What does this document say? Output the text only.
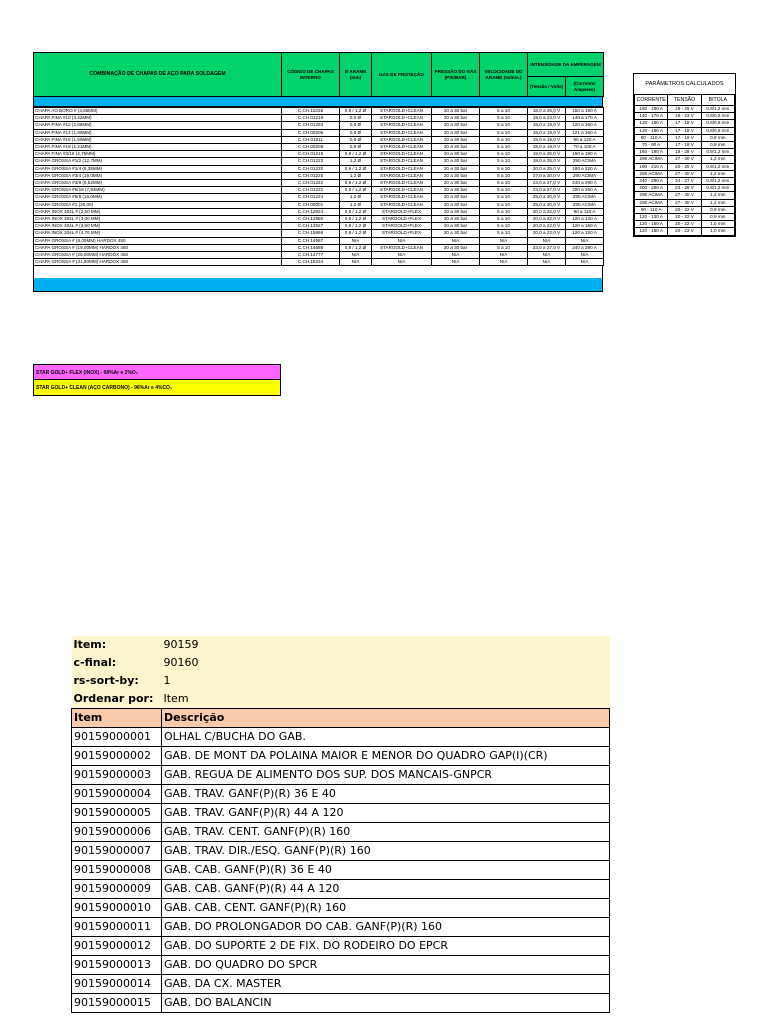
COMBINAÇÃO DE CHAPAS DE AÇO PARA SOLDAGEM	CÓDIGO DE CHAPAS INTERNO	Ø ARAME (mm)	GÁS DE PROTEÇÃO	PRESSÃO DO GÁS (PSI/BAR)	VELOCIDADE DO ARAME (m/min.)	INTENSIDADE DA AMPERAGEM	
						(Tensão / Volts)	(Corrente/ Amperes)
CHAPA AO BORO # (3,85MM)	C.CH.15235	0,9 / 1,2 Ø	STARGOLD+CLEAN	20 a 30 bar	5 a 10	18,0 a 25,0 V	150 a 190 A
CHAPA FINA #10 (3,42MM)	C.CH.01218	0,9 Ø	STARGOLD+CLEAN	20 a 30 bar	5 a 10	19,0 a 23,0 V	140 a 170 A
CHAPA FINA #12 (2,66MM)	C.CH.01253	0,9 Ø	STARGOLD+CLEAN	20 a 30 bar	5 a 10	15,0 a 19,0 V	120 a 160 A
CHAPA FINA #14 (1,90MM)	C.CH.00206	0,9 Ø	STARGOLD+CLEAN	20 a 30 bar	5 a 10	15,0 a 19,0 V	121 a 160 A
CHAPA FINA #16 (1,50MM)	C.CH.01811	0,9 Ø	STARGOLD+CLEAN	20 a 30 bar	5 a 10	15,0 a 19,0 V	90 a 120 A
CHAPA FINA #18 (1,21MM)	C.CH.00208	0,9 Ø	STARGOLD+CLEAN	20 a 30 bar	5 a 10	15,0 a 19,0 V	70 a 100 A
CHAPA FINA #3/16 (4,75MM)	C.CH.01219	0,9 / 1,2 Ø	STARGOLD+CLEAN	20 a 30 bar	5 a 10	19,0 a 25,0 V	150 a 190 A
CHAPA GROSSA #1/2 (12,7MM)	C.CH.01223	1,2 Ø	STARGOLD+CLEAN	20 a 30 bar	5 a 10	18,0 a 25,0 V	290 ACIMA
CHAPA GROSSA #1/4 (6,35MM)	C.CH.01220	0,9 / 1,2 Ø	STARGOLD+CLEAN	20 a 30 bar	5 a 10	20,0 a 25,0 V	180 a 220 A
CHAPA GROSSA #3/4 (19,0MM)	C.CH.01225	1,2 Ø	STARGOLD+CLEAN	20 a 30 bar	5 a 10	27,0 a 30,0 V	290 ACIMA
CHAPA GROSSA #3/8 (9,52MM)	C.CH.01222	0,9 / 1,2 Ø	STARGOLD+CLEAN	20 a 30 bar	5 a 10	23,0 a 27,0 V	240 a 290 A
CHAPA GROSSA #5/16 (7,93MM)	C.CH.01221	0,9 / 1,2 Ø	STARGOLD+CLEAN	20 a 30 bar	5 a 10	23,0 a 27,0 V	200 a 250 A
CHAPA GROSSA #5/8 (16,0MM)	C.CH.01224	1,2 Ø	STARGOLD+CLEAN	20 a 30 bar	5 a 10	25,0 a 30,0 V	290 ACIMA
CHAPA GROSSA #1 (25,00)	C.CH.00001	1,2 Ø	STARGOLD+CLEAN	20 a 30 bar	5 a 10	25,0 a 30,0 V	290 ACIMA
CHAPA INOX 304L # (2,50 MM)	C.CH.12824	0,9 / 1,2 Ø	STARGOLD+FLEX	20 a 30 bar	5 a 10	20,0 a 22,0 V	90 a 110 A
CHAPA INOX 304L # (3,00 MM)	C.CH.12980	0,9 / 1,2 Ø	STARGOLD+FLEX	20 a 30 bar	5 a 10	20,0 a 22,0 V	120 a 130 A
CHAPA INOX 304L # (3,50 MM)	C.CH.12527	0,9 / 1,2 Ø	STARGOLD+FLEX	20 a 30 bar	5 a 10	20,0 a 22,0 V	120 a 150 A
CHAPA INOX 304L # (4,76 MM)	C.CH.15866	0,9 / 1,2 Ø	STARGOLD+FLEX	20 a 30 bar	5 a 10	20,0 a 22,0 V	120 a 150 A
CHAPA GROSSA # (6,00MM) HARDOX 450	C.CH.14687	N/A	N/A	N/A	N/A	N/A	N/A
CHAPA GROSSA # (19,00MM) HARDOX 450	C.CH.14688	0,9 / 1,2 Ø	STARGOLD+CLEAN	20 a 30 bar	5 a 10	23,0 a 27,0 V	240 a 290 A
CHAPA GROSSA # (25,00MM) HARDOX 450	C.CH.14777	N/A	N/A	N/A	N/A	N/A	N/A
CHAPA GROSSA # (31,80MM) HARDOX 450	C.CH.15234	N/A	N/A	N/A	N/A	N/A	N/A
STAR GOLD+ FLEX (INOX) - 98%Ar e 2%O₂
STAR GOLD+ CLEAN (AÇO CARBONO) - 96%Ar e 4%CO₂
PARÂMETROS CALCULADOS		
CORRENTE	TENSÃO	BITOLA
160 - 190 A	19 - 25 V	0,9/1,2 mm
140 - 170 A	19 - 23 V	0,8/0,9 mm
120 - 150 A	17 - 18 V	0,8/0,9 mm
120 - 150 A	17 - 18 V	0,8/0,9 mm
90 - 110 A	17 - 18 V	0,8 mm
70 - 90 A	17 - 18 V	0,8 mm
160 - 190 A	19 - 25 V	0,9/1,2 mm
290 ACIMA	27 - 30 V	1,2 mm
190 - 210 A	20 - 25 V	0,9/1,2 mm
290 ACIMA	27 - 30 V	1,2 mm
240 - 290 A	24 - 27 V	0,9/1,2 mm
200 - 250 A	23 - 26 V	0,9/1,2 mm
290 ACIMA	27 - 30 V	1,2 mm
290 ACIMA	27 - 30 V	1,2 mm
90 - 110 A	20 - 22 V	0,9 mm
120 - 130 A	20 - 22 V	0,9 mm
120 - 150 A	20 - 22 V	1,0 mm
120 - 150 A	20 - 22 V	1,0 mm
Item:	90159
c-final:	90160
rs-sort-by:	1
Ordenar por:	Item
Item	Descrição
90159000001	OLHAL C/BUCHA DO GAB.
90159000002	GAB. DE MONT DA POLAINA MAIOR E MENOR DO QUADRO GAP(I)(CR)
90159000003	GAB. REGUA DE ALIMENTO DOS SUP. DOS MANCAIS-GNPCR
90159000004	GAB. TRAV. GANF(P)(R) 36 E 40
90159000005	GAB. TRAV. GANF(P)(R) 44 A 120
90159000006	GAB. TRAV. CENT. GANF(P)(R) 160
90159000007	GAB. TRAV. DIR./ESQ. GANF(P)(R) 160
90159000008	GAB. CAB. GANF(P)(R) 36 E 40
90159000009	GAB. CAB. GANF(P)(R) 44 A 120
90159000010	GAB. CAB. CENT. GANF(P)(R) 160
90159000011	GAB. DO PROLONGADOR DO CAB. GANF(P)(R) 160
90159000012	GAB. DO SUPORTE 2 DE FIX. DO RODEIRO DO EPCR
90159000013	GAB. DO QUADRO DO SPCR
90159000014	GAB. DA CX. MASTER
90159000015	GAB. DO BALANCIN
